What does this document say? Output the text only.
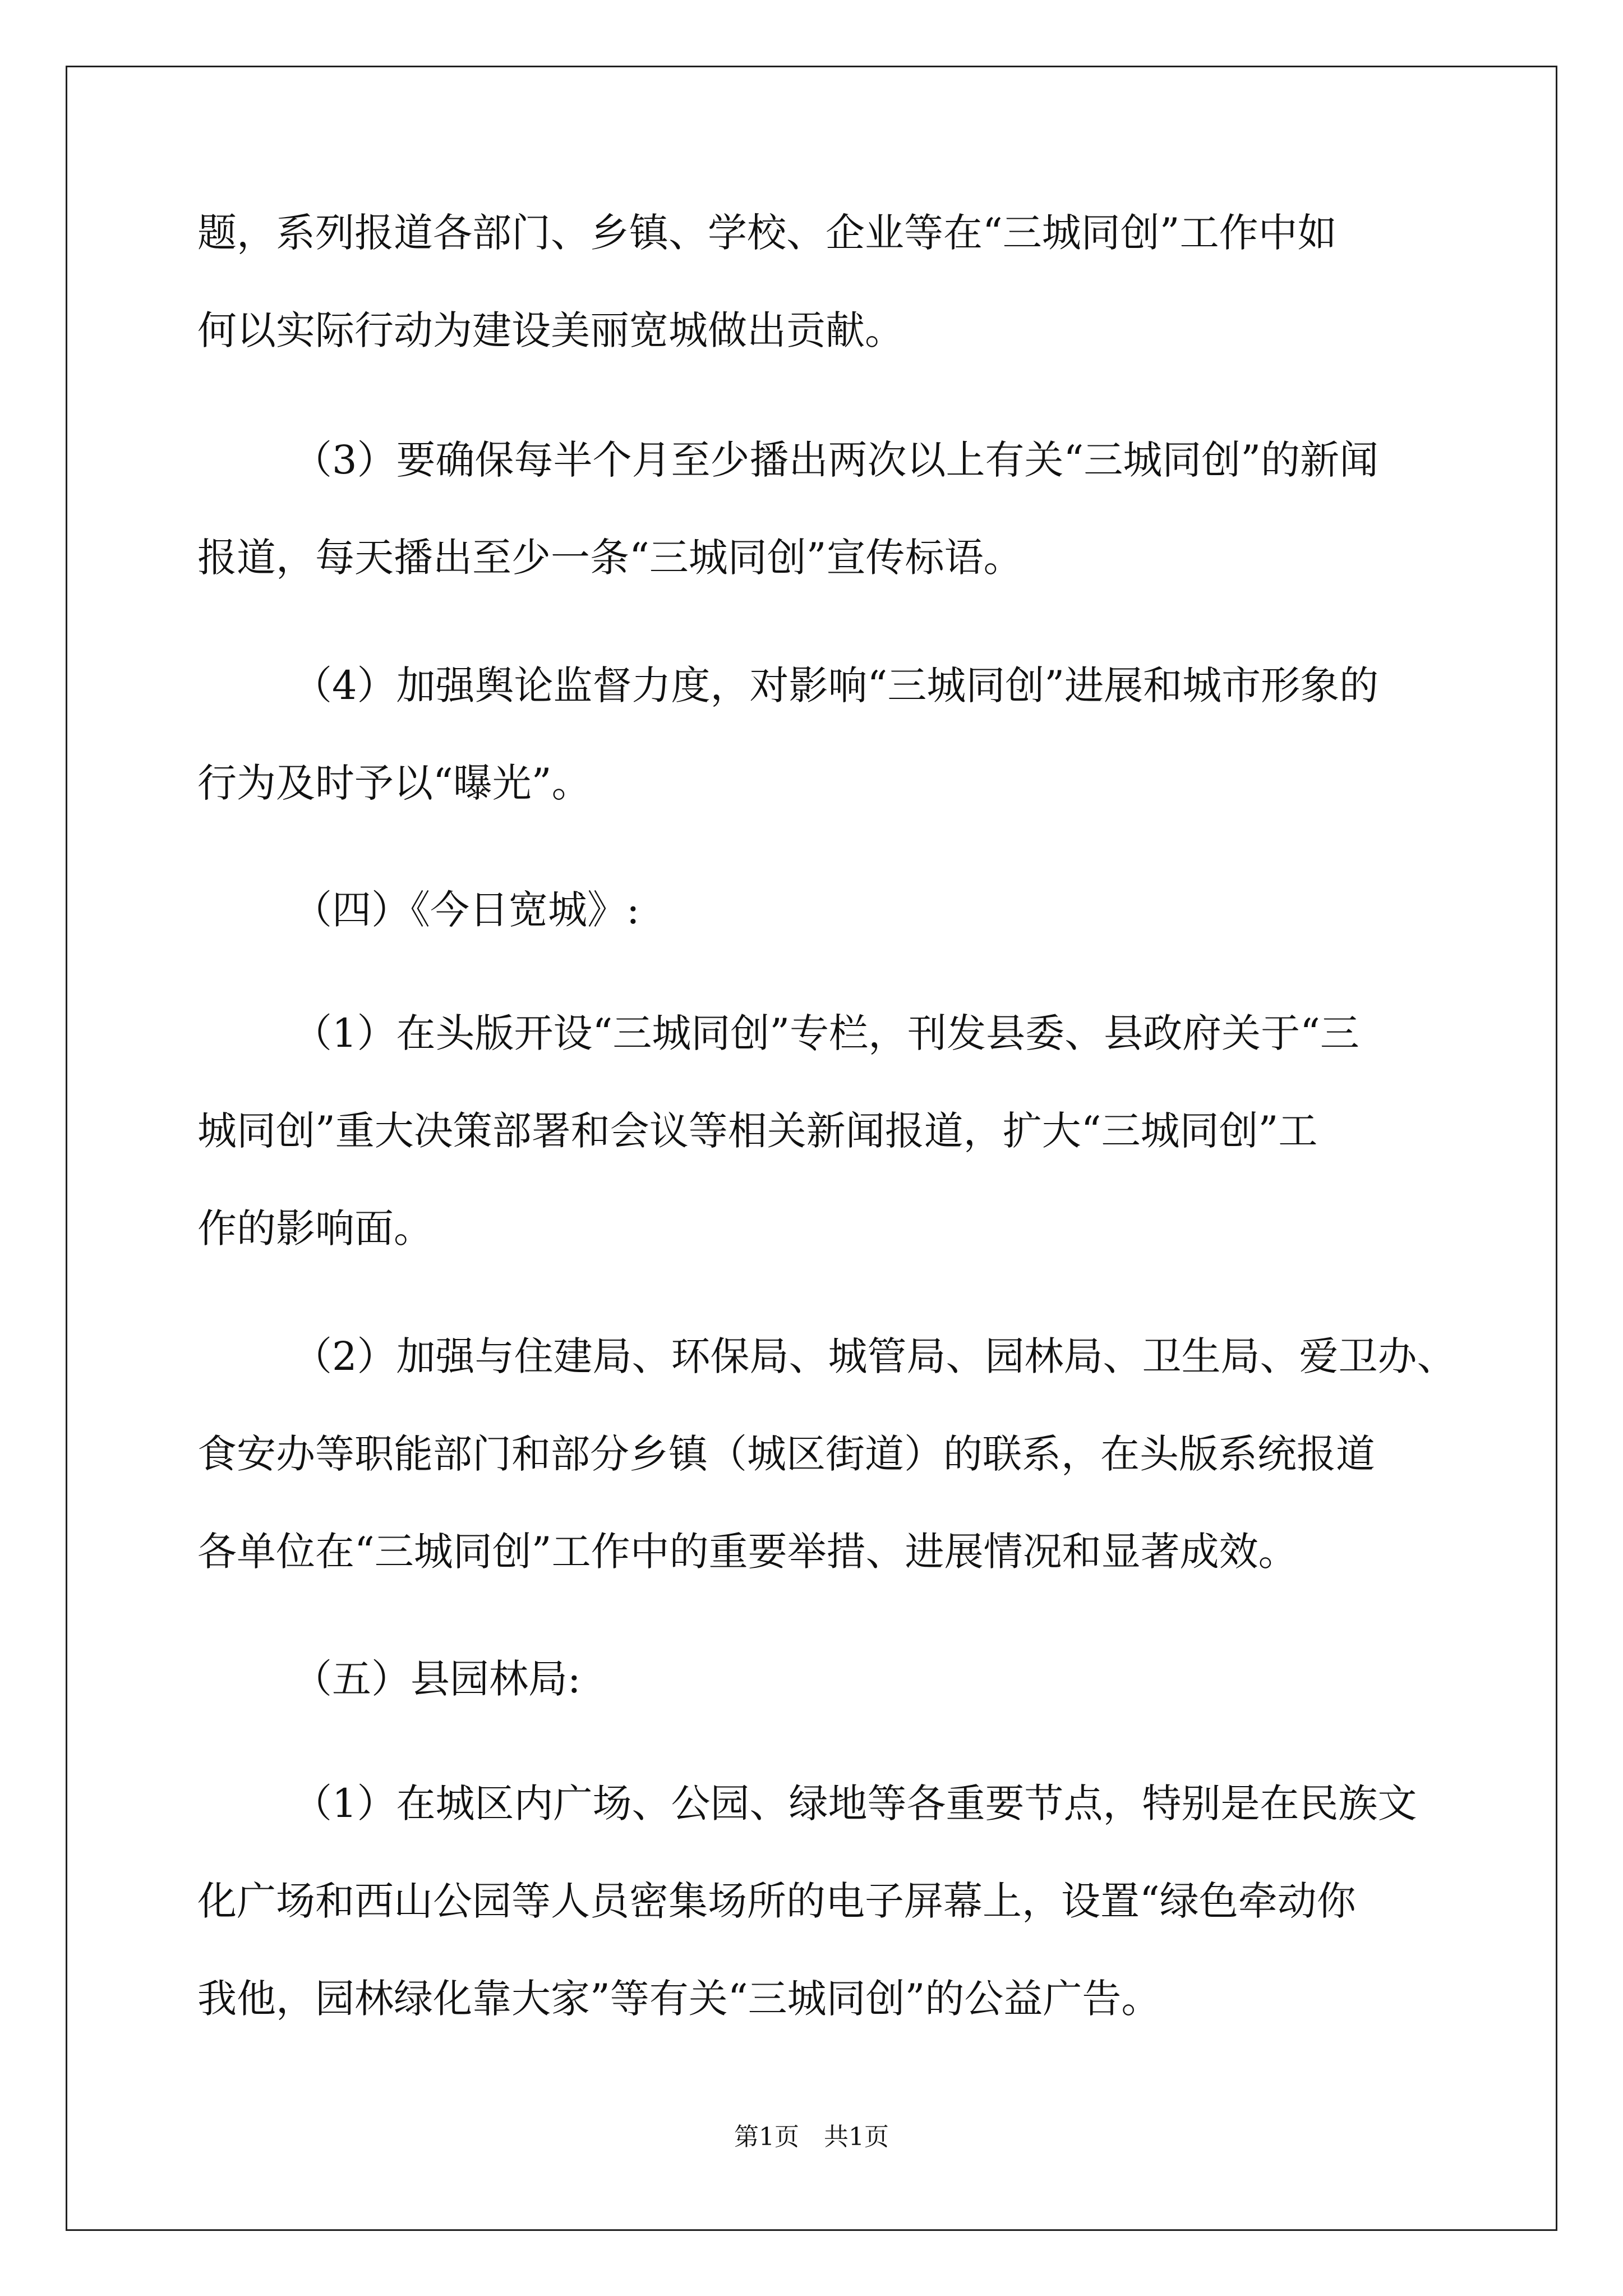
题，系列报道各部门、乡镇、学校、企业等在“三城同创”工作中如
何以实际行动为建设美丽宽城做出贡献。
（3）要确保每半个月至少播出两次以上有关“三城同创”的新闻
报道，每天播出至少一条“三城同创”宣传标语。
（4）加强舆论监督力度，对影响“三城同创”进展和城市形象的
行为及时予以“曝光”。
（四）《今日宽城》:
（1）在头版开设“三城同创”专栏，刊发县委、县政府关于“三
城同创”重大决策部署和会议等相关新闻报道，扩大“三城同创”工
作的影响面。
（2）加强与住建局、环保局、城管局、园林局、卫生局、爱卫办、
食安办等职能部门和部分乡镇（城区街道）的联系，在头版系统报道
各单位在“三城同创”工作中的重要举措、进展情况和显著成效。
（五）县园林局:
（1）在城区内广场、公园、绿地等各重要节点，特别是在民族文
化广场和西山公园等人员密集场所的电子屏幕上，设置“绿色牵动你
我他，园林绿化靠大家”等有关“三城同创”的公益广告。
第1页　共1页
